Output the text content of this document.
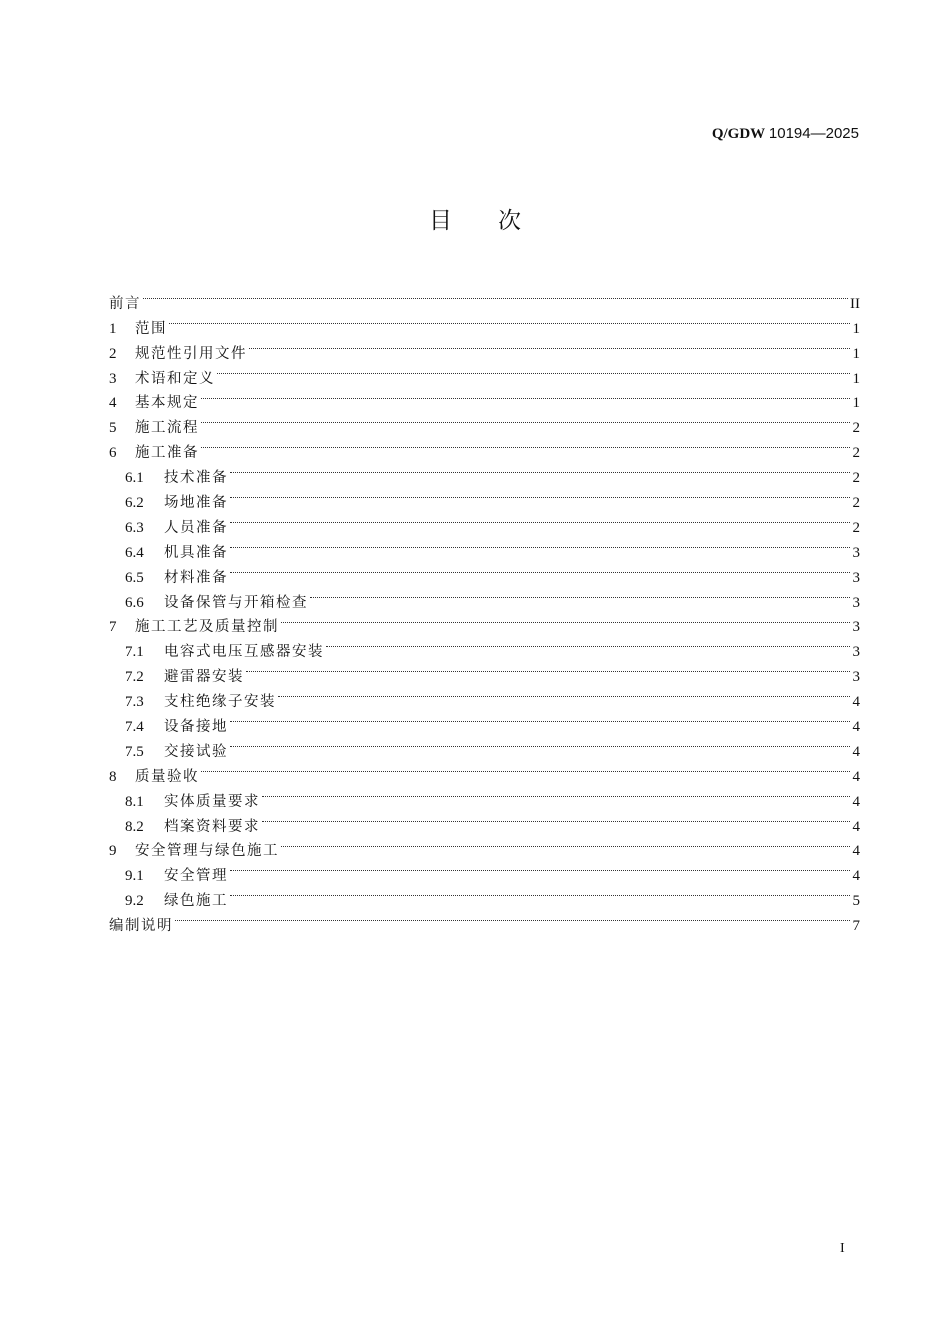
Q/GDW 10194—2025
目次
前言	II
1	范围	1
2	规范性引用文件	1
3	术语和定义	1
4	基本规定	1
5	施工流程	2
6	施工准备	2
6.1	技术准备	2
6.2	场地准备	2
6.3	人员准备	2
6.4	机具准备	3
6.5	材料准备	3
6.6	设备保管与开箱检查	3
7	施工工艺及质量控制	3
7.1	电容式电压互感器安装	3
7.2	避雷器安装	3
7.3	支柱绝缘子安装	4
7.4	设备接地	4
7.5	交接试验	4
8	质量验收	4
8.1	实体质量要求	4
8.2	档案资料要求	4
9	安全管理与绿色施工	4
9.1	安全管理	4
9.2	绿色施工	5
编制说明	7
I
